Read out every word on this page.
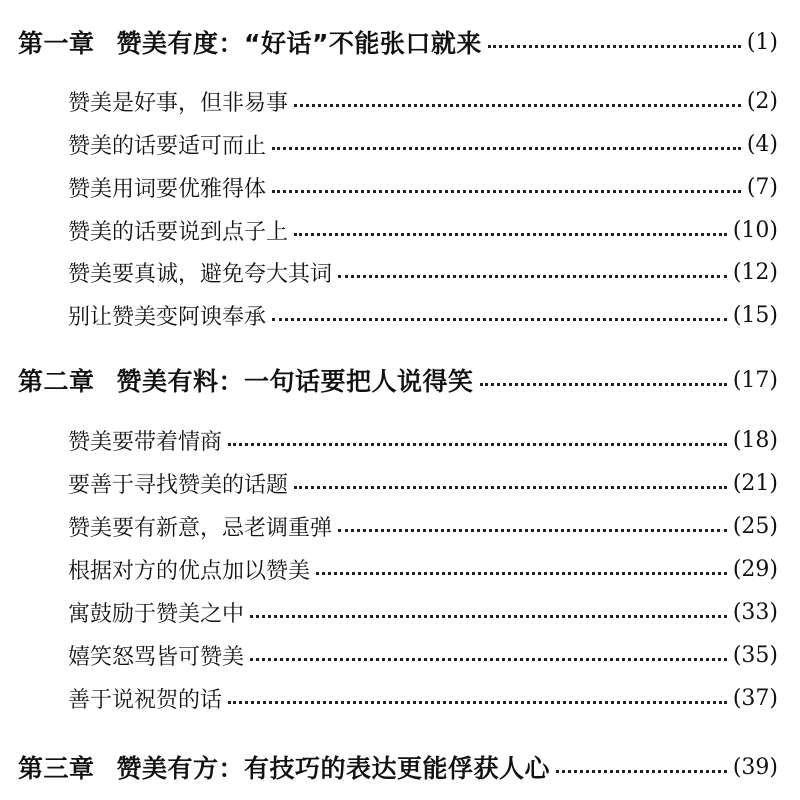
第一章 赞美有度：“好话”不能张口就来	(1)
赞美是好事，但非易事	(2)
赞美的话要适可而止	(4)
赞美用词要优雅得体	(7)
赞美的话要说到点子上	(10)
赞美要真诚，避免夸大其词	(12)
别让赞美变阿谀奉承	(15)
第二章 赞美有料：一句话要把人说得笑	(17)
赞美要带着情商	(18)
要善于寻找赞美的话题	(21)
赞美要有新意，忌老调重弹	(25)
根据对方的优点加以赞美	(29)
寓鼓励于赞美之中	(33)
嬉笑怒骂皆可赞美	(35)
善于说祝贺的话	(37)
第三章 赞美有方：有技巧的表达更能俘获人心	(39)
